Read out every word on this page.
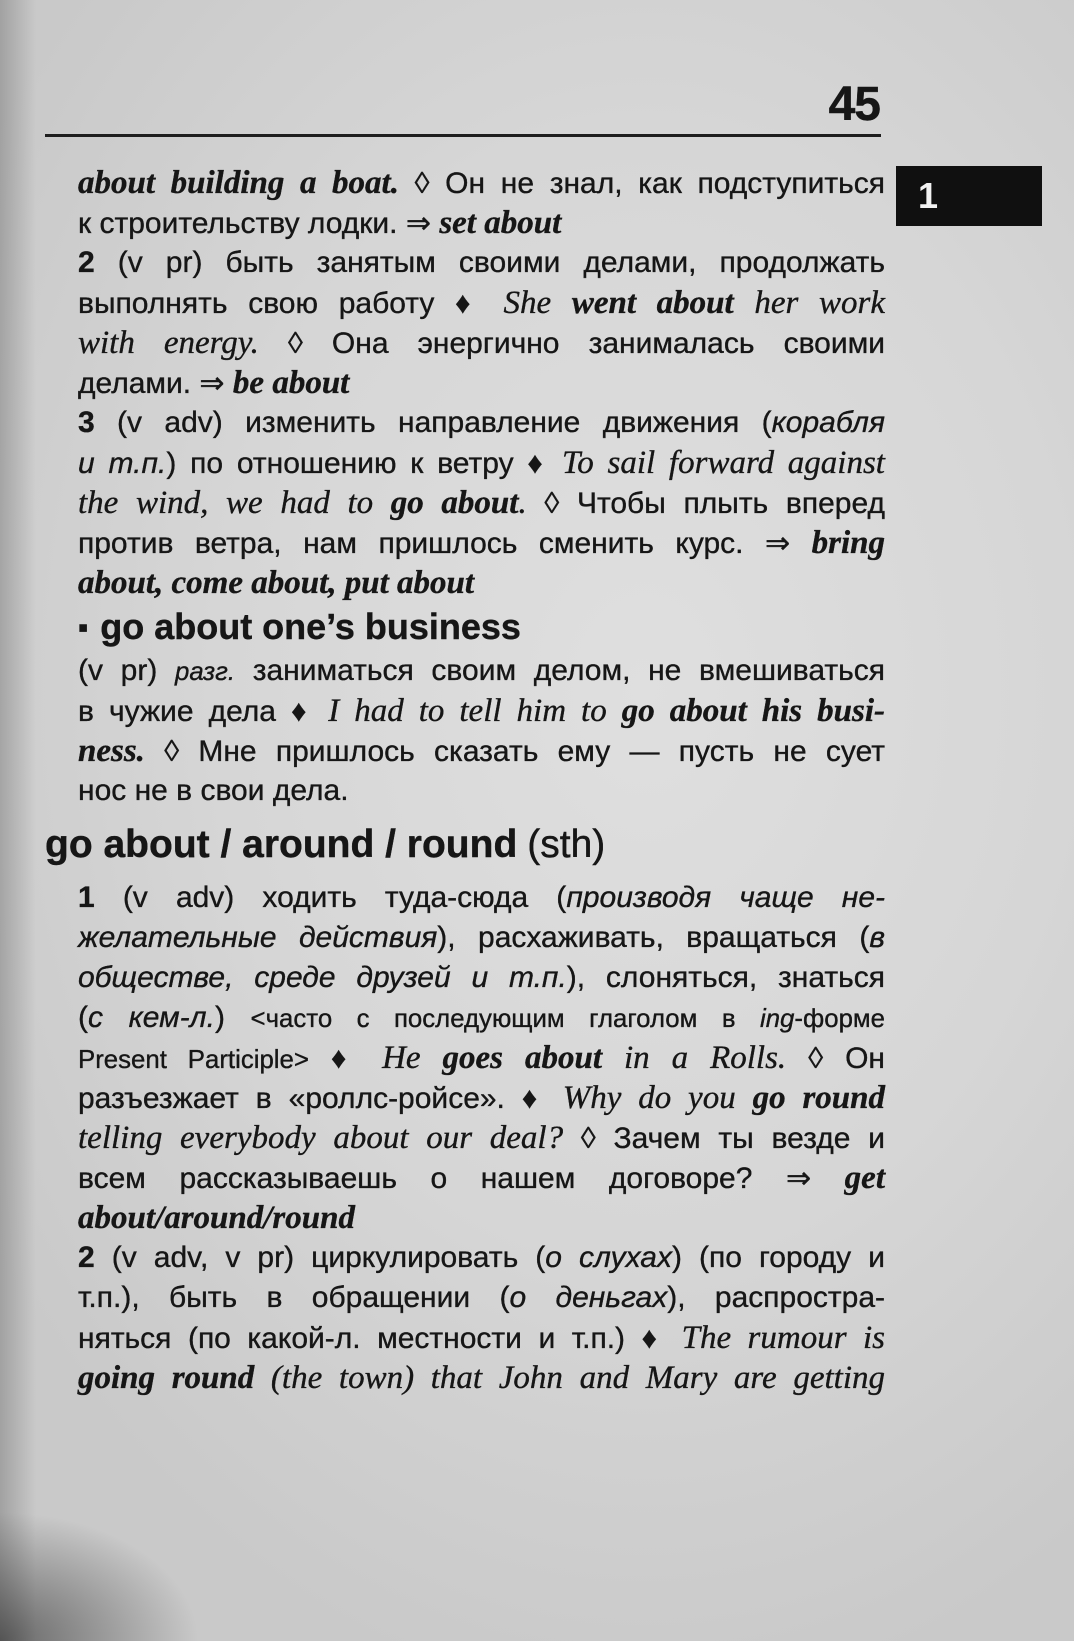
45
1
about building a boat. ◊ Он не знал, как подступиться
к строительству лодки. ⇒ set about
2 (v pr) быть занятым своими делами, продолжать
выполнять свою работу ♦ She went about her work
with energy. ◊ Она энергично занималась своими
делами. ⇒ be about
3 (v adv) изменить направление движения (корабля
и т.п.) по отношению к ветру ♦ To sail forward against
the wind, we had to go about. ◊ Чтобы плыть вперед
против ветра, нам пришлось сменить курс. ⇒ bring
about, come about, put about
▪ go about one’s business
(v pr) разг. заниматься своим делом, не вмешиваться
в чужие дела ♦ I had to tell him to go about his busi-
ness. ◊ Мне пришлось сказать ему — пусть не сует
нос не в свои дела.
go about / around / round (sth)
1 (v adv) ходить туда-сюда (производя чаще не-
желательные действия), расхаживать, вращаться (в
обществе, среде друзей и т.п.), слоняться, знаться
(с кем-л.) <часто с последующим глаголом в ing-форме
Present Participle> ♦ He goes about in a Rolls. ◊ Он
разъезжает в «роллс-ройсе». ♦ Why do you go round
telling everybody about our deal? ◊ Зачем ты везде и
всем рассказываешь о нашем договоре? ⇒ get
about/around/round
2 (v adv, v pr) циркулировать (о слухах) (по городу и
т.п.), быть в обращении (о деньгах), распростра-
няться (по какой-л. местности и т.п.) ♦ The rumour is
going round (the town) that John and Mary are getting
